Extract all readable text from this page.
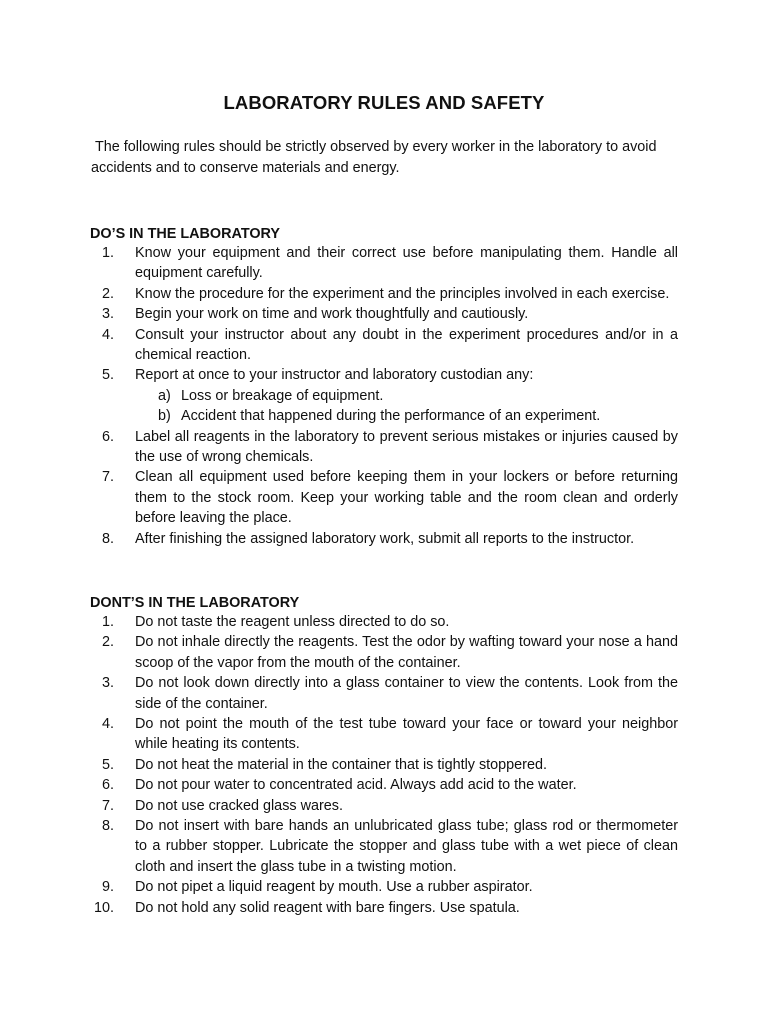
LABORATORY RULES AND SAFETY

The following rules should be strictly observed by every worker in the laboratory to avoid accidents and to conserve materials and energy.

DO’S IN THE LABORATORY
1. Know your equipment and their correct use before manipulating them. Handle all equipment carefully.
2. Know the procedure for the experiment and the principles involved in each exercise.
3. Begin your work on time and work thoughtfully and cautiously.
4. Consult your instructor about any doubt in the experiment procedures and/or in a chemical reaction.
5. Report at once to your instructor and laboratory custodian any:
a) Loss or breakage of equipment.
b) Accident that happened during the performance of an experiment.
6. Label all reagents in the laboratory to prevent serious mistakes or injuries caused by the use of wrong chemicals.
7. Clean all equipment used before keeping them in your lockers or before returning them to the stock room. Keep your working table and the room clean and orderly before leaving the place.
8. After finishing the assigned laboratory work, submit all reports to the instructor.
DONT’S IN THE LABORATORY
1. Do not taste the reagent unless directed to do so.
2. Do not inhale directly the reagents. Test the odor by wafting toward your nose a hand scoop of the vapor from the mouth of the container.
3. Do not look down directly into a glass container to view the contents. Look from the side of the container.
4. Do not point the mouth of the test tube toward your face or toward your neighbor while heating its contents.
5. Do not heat the material in the container that is tightly stoppered.
6. Do not pour water to concentrated acid. Always add acid to the water.
7. Do not use cracked glass wares.
8. Do not insert with bare hands an unlubricated glass tube; glass rod or thermometer to a rubber stopper. Lubricate the stopper and glass tube with a wet piece of clean cloth and insert the glass tube in a twisting motion.
9. Do not pipet a liquid reagent by mouth. Use a rubber aspirator.
10. Do not hold any solid reagent with bare fingers. Use spatula.
